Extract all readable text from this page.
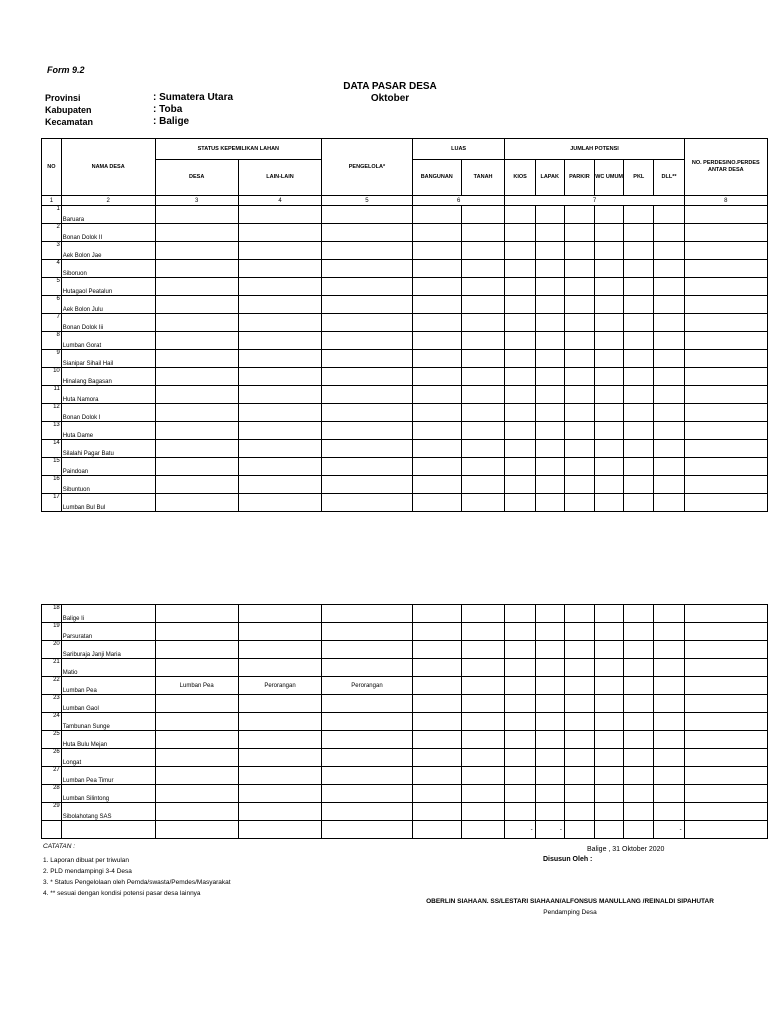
Form 9.2
DATA PASAR DESA
Oktober
Provinsi	: Sumatera Utara
Kabupaten	: Toba
Kecamatan	: Balige
NO	NAMA DESA	STATUS KEPEMILIKAN LAHAN		PENGELOLA*	LUAS		JUMLAH POTENSI						NO. PERDES/NO.PERDES ANTAR DESA
		DESA	LAIN-LAIN		BANGUNAN	TANAH	KIOS	LAPAK	PARKIR	WC UMUM	PKL	DLL**	
1	2	3	4	5	6		7						8
1	Baruara												
2	Bonan Dolok II												
3	Aek Bolon Jae												
4	Siboruon												
5	Hutagaol Peatalun												
6	Aek Bolon Julu												
7	Bonan Dolok Iii												
8	Lumban Gorat												
9	Sianipar Sihail Hail												
10	Hinalang Bagasan												
11	Huta Namora												
12	Bonan Dolok I												
13	Huta Dame												
14	Silalahi Pagar Batu												
15	Paindoan												
16	Sibuntuon												
17	Lumban Bul Bul												
18	Balige Ii												
19	Parsuratan												
20	Sariburaja Janji Maria												
21	Matio												
22	Lumban Pea	Lumban Pea	Perorangan	Perorangan									
23	Lumban Gaol												
24	Tambunan Sunge												
25	Huta Bulu Mejan												
26	Longat												
27	Lumban Pea Timur												
28	Lumban Silintong												
29	Sibolahotang SAS												
							-	-				-	
CATATAN :
1. Laporan dibuat per triwulan
2. PLD mendampingi 3-4 Desa
3. * Status Pengelolaan oleh Pemda/swasta/Pemdes/Masyarakat
4. ** sesuai dengan kondisi potensi pasar desa lainnya
Balige , 31 Oktober 2020
Disusun Oleh :
OBERLIN SIAHAAN. SS/LESTARI SIAHAAN/ALFONSUS MANULLANG /REINALDI SIPAHUTAR
Pendamping Desa
